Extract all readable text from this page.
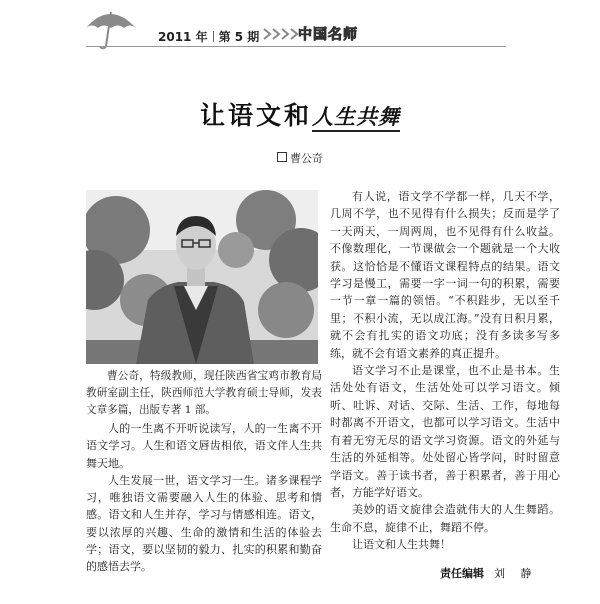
2011 年 第 5 期	中国名师
让语文和人生共舞
曹公奇
曹公奇，特级教师，现任陕西省宝鸡市教育局教研室副主任，陕西师范大学教育硕士导师，发表文章多篇，出版专著 1 部。

人的一生离不开听说读写，人的一生离不开语文学习。人生和语文唇齿相依，语文伴人生共舞天地。

人生发展一世，语文学习一生。诸多课程学习，唯独语文需要融入人生的体验、思考和情感。语文和人生并存，学习与情感相连。语文，要以浓厚的兴趣、生命的激情和生活的体验去学；语文，要以坚韧的毅力、扎实的积累和勤奋的感悟去学。

有人说，语文学不学都一样，几天不学，几周不学，也不见得有什么损失；反而是学了一天两天，一周两周，也不见得有什么收益。不像数理化，一节课做会一个题就是一个大收获。这恰恰是不懂语文课程特点的结果。语文学习是慢工，需要一字一词一句的积累，需要一节一章一篇的领悟。“不积跬步，无以至千里；不积小流，无以成江海。”没有日积月累，就不会有扎实的语文功底；没有多读多写多练，就不会有语文素养的真正提升。

语文学习不止是课堂，也不止是书本。生活处处有语文，生活处处可以学习语文。倾听、吐诉、对话、交际、生活、工作，每地每时都离不开语文，也都可以学习语文。生活中有着无穷无尽的语文学习资源。语文的外延与生活的外延相等。处处留心皆学问，时时留意学语文。善于读书者，善于积累者，善于用心者，方能学好语文。

美妙的语文旋律会造就伟大的人生舞蹈。生命不息，旋律不止，舞蹈不停。

让语文和人生共舞！

责任编辑 刘 静
